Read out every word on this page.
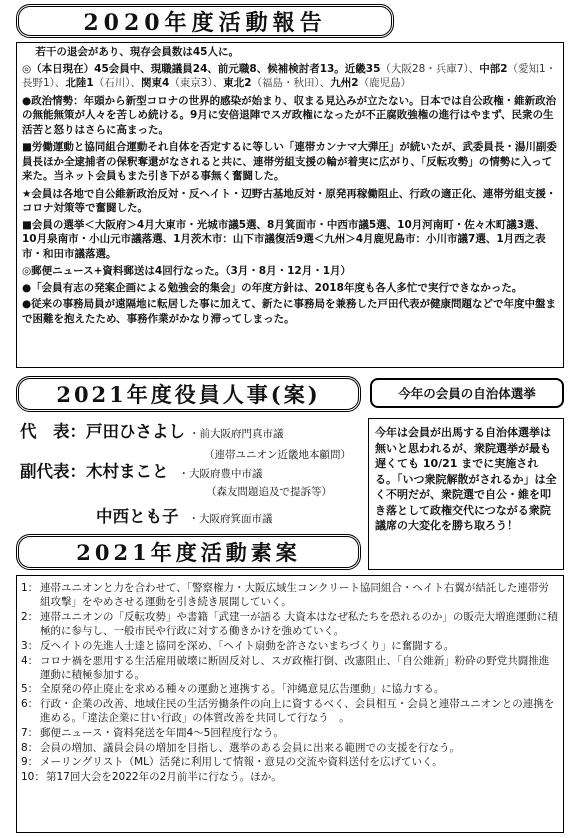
2020年度活動報告

若干の退会があり、現存会員数は45人に。

◎（本日現在）45会員中、現職議員24、前元職8、候補検討者13。近畿35（大阪28・兵庫7）、中部2（愛知1・長野1）、北陸1（石川）、関東4（東京3）、東北2（福島・秋田）、九州2（鹿児島）

●政治情勢：年頭から新型コロナの世界的感染が始まり、収まる見込みが立たない。日本では自公政権・維新政治の無能無策が人々を苦しめ続ける。9月に安倍退陣でスガ政権になったが不正腐敗強権の進行はやまず、民衆の生活苦と怒りはさらに高まった。

■労働運動と協同組合運動それ自体を否定するに等しい「連帯カンナマ大弾圧」が続いたが、武委員長・湯川副委員長ほか全逮捕者の保釈奪還がなされると共に、連帯労組支援の輪が着実に広がり、「反転攻勢」の情勢に入って来た。当ネット会員もまた引き下がる事無く奮闘した。

★会員は各地で自公維新政治反対・反ヘイト・辺野古基地反対・原発再稼働阻止、行政の適正化、連帯労組支援・コロナ対策等で奮闘した。

■会員の選挙＜大阪府＞4月大東市・光城市議5選、8月箕面市・中西市議5選、10月河南町・佐々木町議3選、10月泉南市・小山元市議落選、1月茨木市：山下市議復活9選＜九州＞4月鹿児島市：小川市議7選、1月西之表市・和田市議落選。

◎郵便ニュース+資料郵送は4回行なった。（3月・8月・12月・1月）

●「会員有志の発案企画による勉強会的集会」の年度方針は、2018年度も各人多忙で実行できなかった。

●従来の事務局員が遠隔地に転居した事に加えて、新たに事務局を兼務した戸田代表が健康問題などで年度中盤まで困難を抱えたため、事務作業がかなり滞ってしまった。

2021年度役員人事(案)	今年の会員の自治体選挙
今年は会員が出馬する自治体選挙は無いと思われるが、衆院選挙が最も遅くても 10/21 までに実施される。「いつ衆院解散がされるか」は全く不明だが、衆院選で自公・維を叩き落として政権交代につながる衆院議席の大変化を勝ち取ろう！
代　表：戸田ひさよし ・前大阪府門真市議
（連帯ユニオン近畿地本顧問）
副代表：木村まこと ・大阪府豊中市議
（森友問題追及で提訴等）
中西とも子 ・大阪府箕面市議
2021年度活動素案
1： 連帯ユニオンと力を合わせて、「警察権力・大阪広域生コンクリート協同組合・ヘイト右翼が結託した連帯労組攻撃」をやめさせる運動を引き続き展開していく。
2： 連帯ユニオンの「反転攻勢」や書籍「武建一が語る 大資本はなぜ私たちを恐れるのか」の販売大増進運動に積極的に参与し、一般市民や行政に対する働きかけを強めていく。
3： 反ヘイトの先進人士達と協同を深め、「ヘイト扇動を許さないまちづくり」に奮闘する。
4： コロナ禍を悪用する生活雇用破壊に断固反対し、スガ政権打倒、改憲阻止、「自公維新」粉砕の野党共闘推進運動に積極参加する。
5： 全原発の停止廃止を求める種々の運動と連携する。「沖縄意見広告運動」に協力する。
6： 行政・企業の改善、地域住民の生活労働条件の向上に資するべく、会員相互・会員と連帯ユニオンとの連携を進める。「違法企業に甘い行政」の体質改善を共同して行なう　。
7： 郵便ニュース・資料発送を年間4～5回程度行なう。
8： 会員の増加、議員会員の増加を目指し、選挙のある会員に出来る範囲での支援を行なう。
9： メーリングリスト（ML）活発に利用して情報・意見の交流や資料送付を広げていく。
10： 第17回大会を2022年の2月前半に行なう。ほか。
